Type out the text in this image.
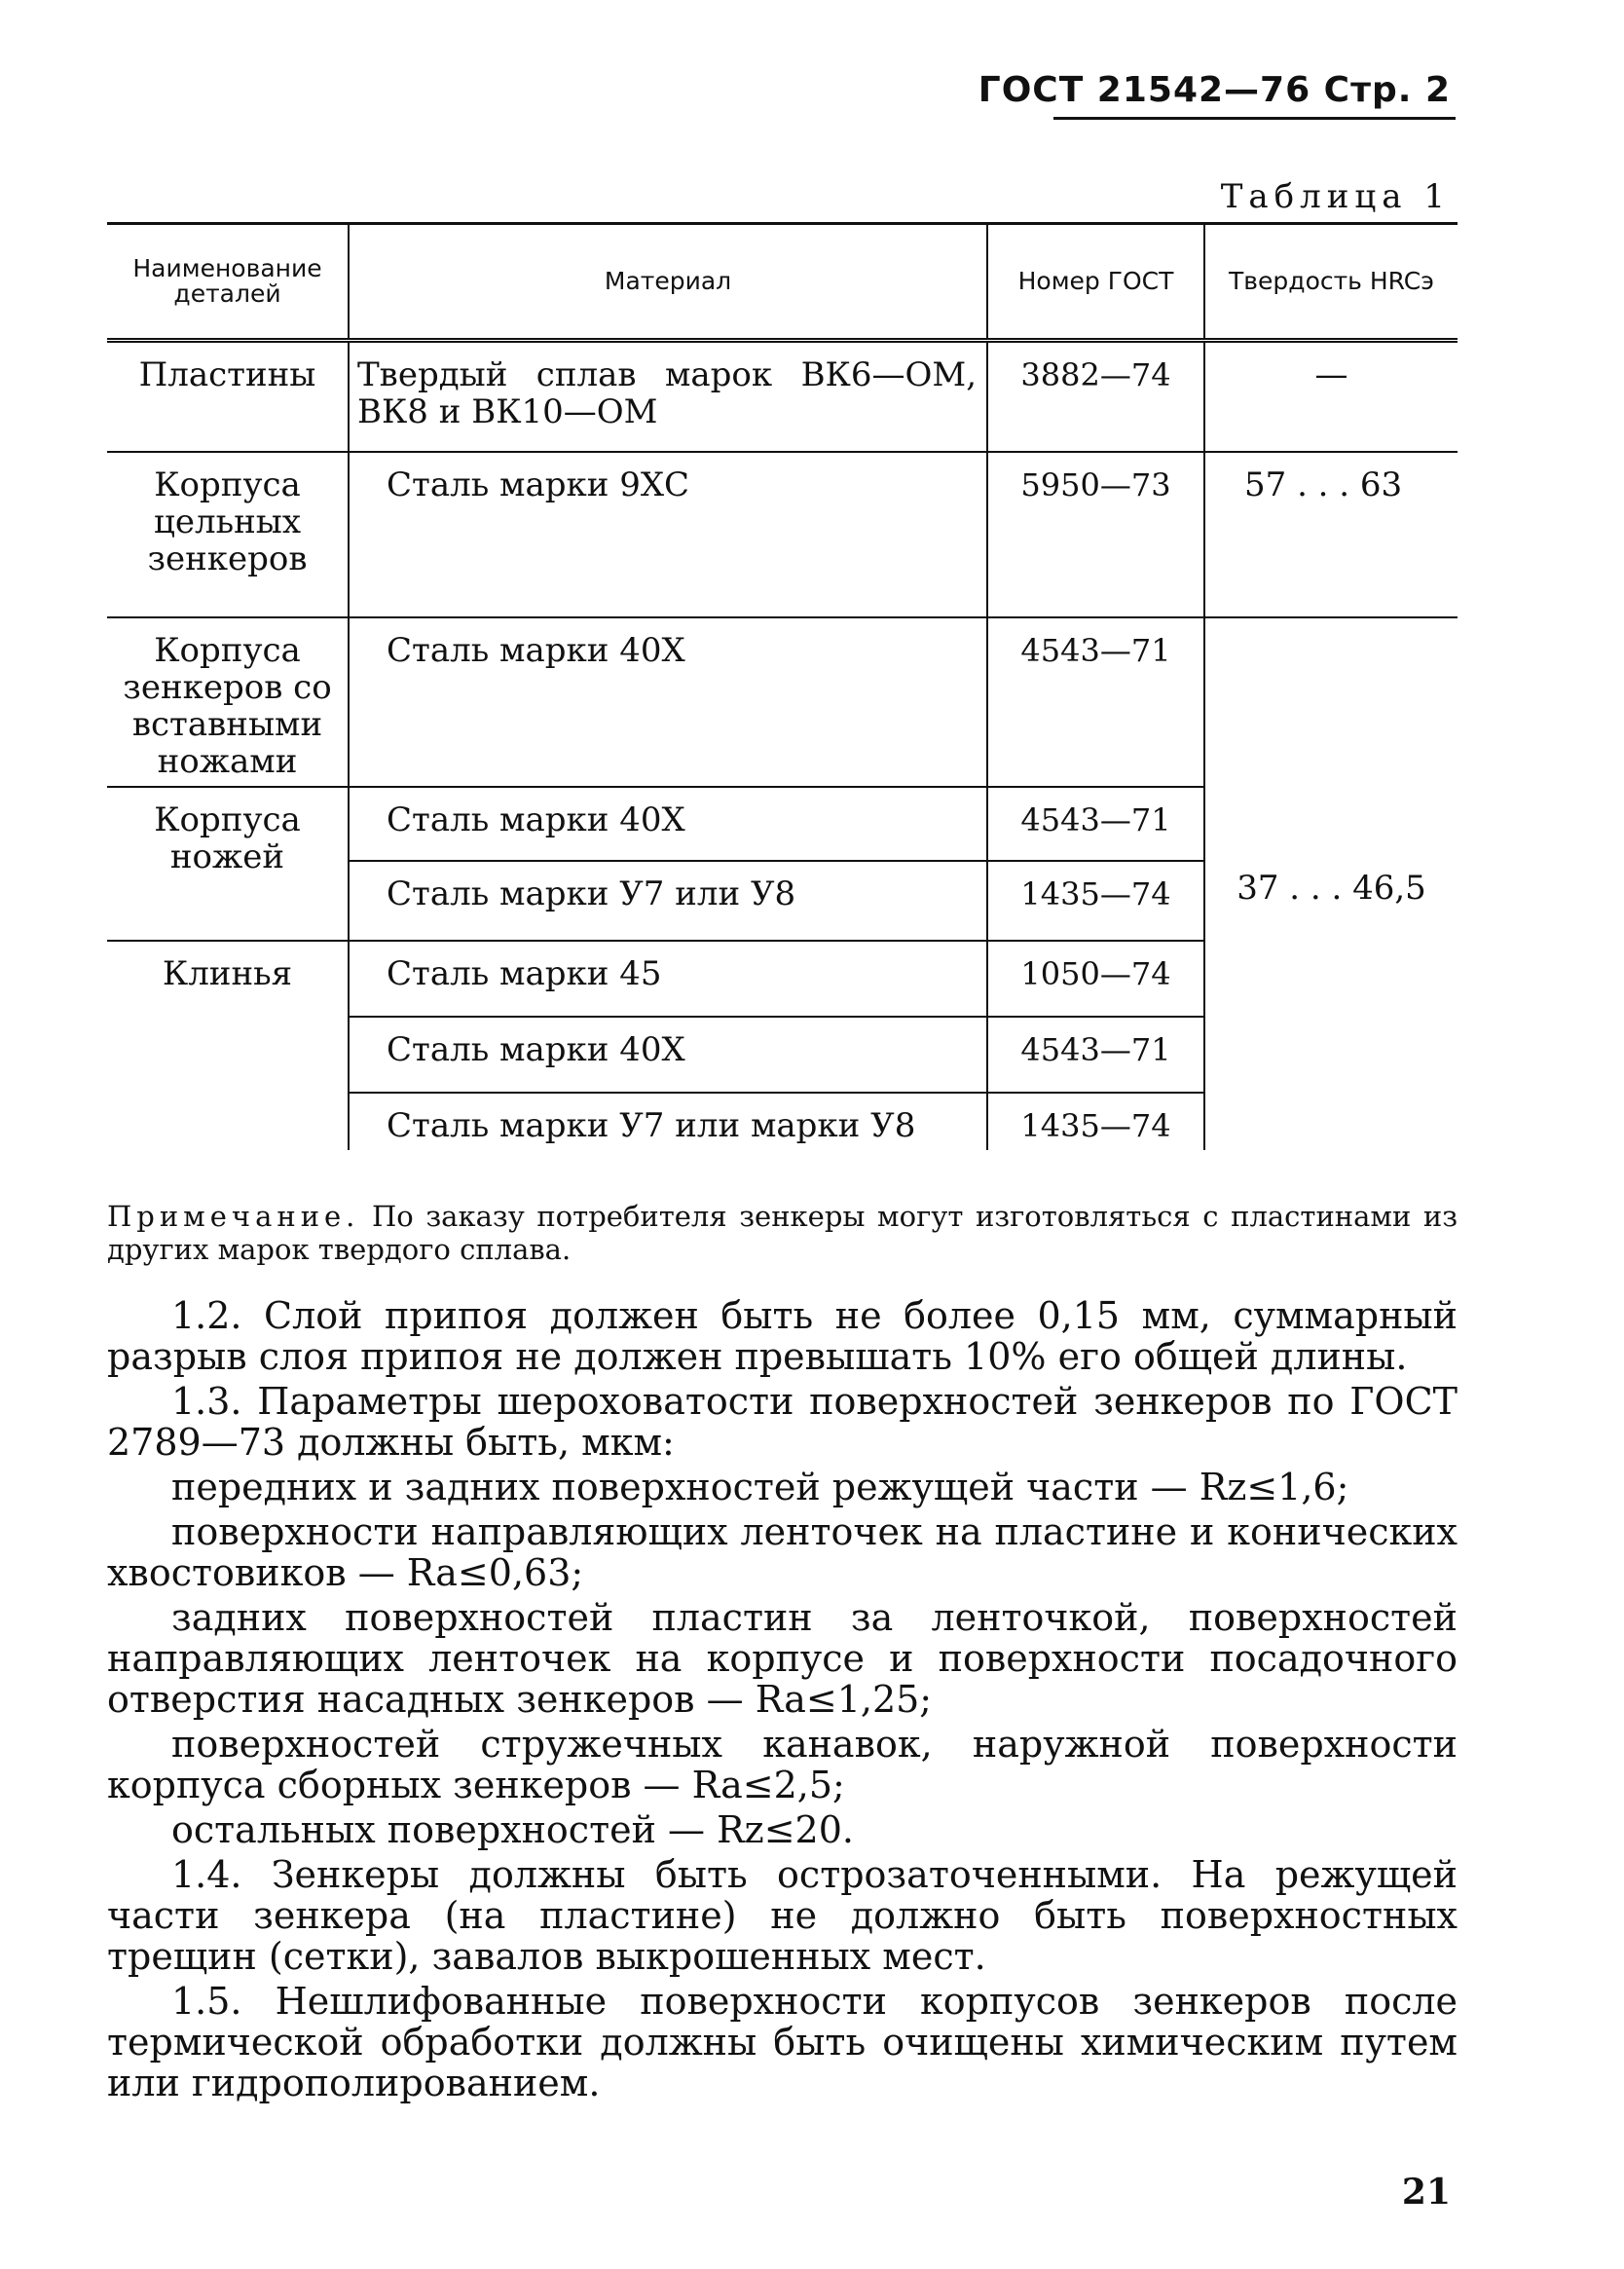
ГОСТ 21542—76 Стр. 2
Таблица 1
Наименование деталей	Материал	Номер ГОСТ	Твердость HRCэ
Пластины	Твердый сплав марок ВК6—ОМ, ВК8 и ВК10—ОМ	3882—74	—
Корпуса цельных зенкеров	Сталь марки 9ХС	5950—73	57 . . . 63
Корпуса зенкеров со вставными ножами	Сталь марки 40Х	4543—71	37 . . . 46,5
Корпуса ножей	Сталь марки 40Х	4543—71	
	Сталь марки У7 или У8	1435—74	
Клинья	Сталь марки 45	1050—74	
	Сталь марки 40Х	4543—71	
	Сталь марки У7 или марки У8	1435—74	
Примечание. По заказу потребителя зенкеры могут изготовляться с пластинами из других марок твердого сплава.

1.2. Слой припоя должен быть не более 0,15 мм, суммарный разрыв слоя припоя не должен превышать 10% его общей длины.

1.3. Параметры шероховатости поверхностей зенкеров по ГОСТ 2789—73 должны быть, мкм:

передних и задних поверхностей режущей части — Rz≤1,6;

поверхности направляющих ленточек на пластине и конических хвостовиков — Ra≤0,63;

задних поверхностей пластин за ленточкой, поверхностей направляющих ленточек на корпусе и поверхности посадочного отверстия насадных зенкеров — Ra≤1,25;

поверхностей стружечных канавок, наружной поверхности корпуса сборных зенкеров — Ra≤2,5;

остальных поверхностей — Rz≤20.

1.4. Зенкеры должны быть острозаточенными. На режущей части зенкера (на пластине) не должно быть поверхностных трещин (сетки), завалов выкрошенных мест.

1.5. Нешлифованные поверхности корпусов зенкеров после термической обработки должны быть очищены химическим путем или гидрополированием.

21
